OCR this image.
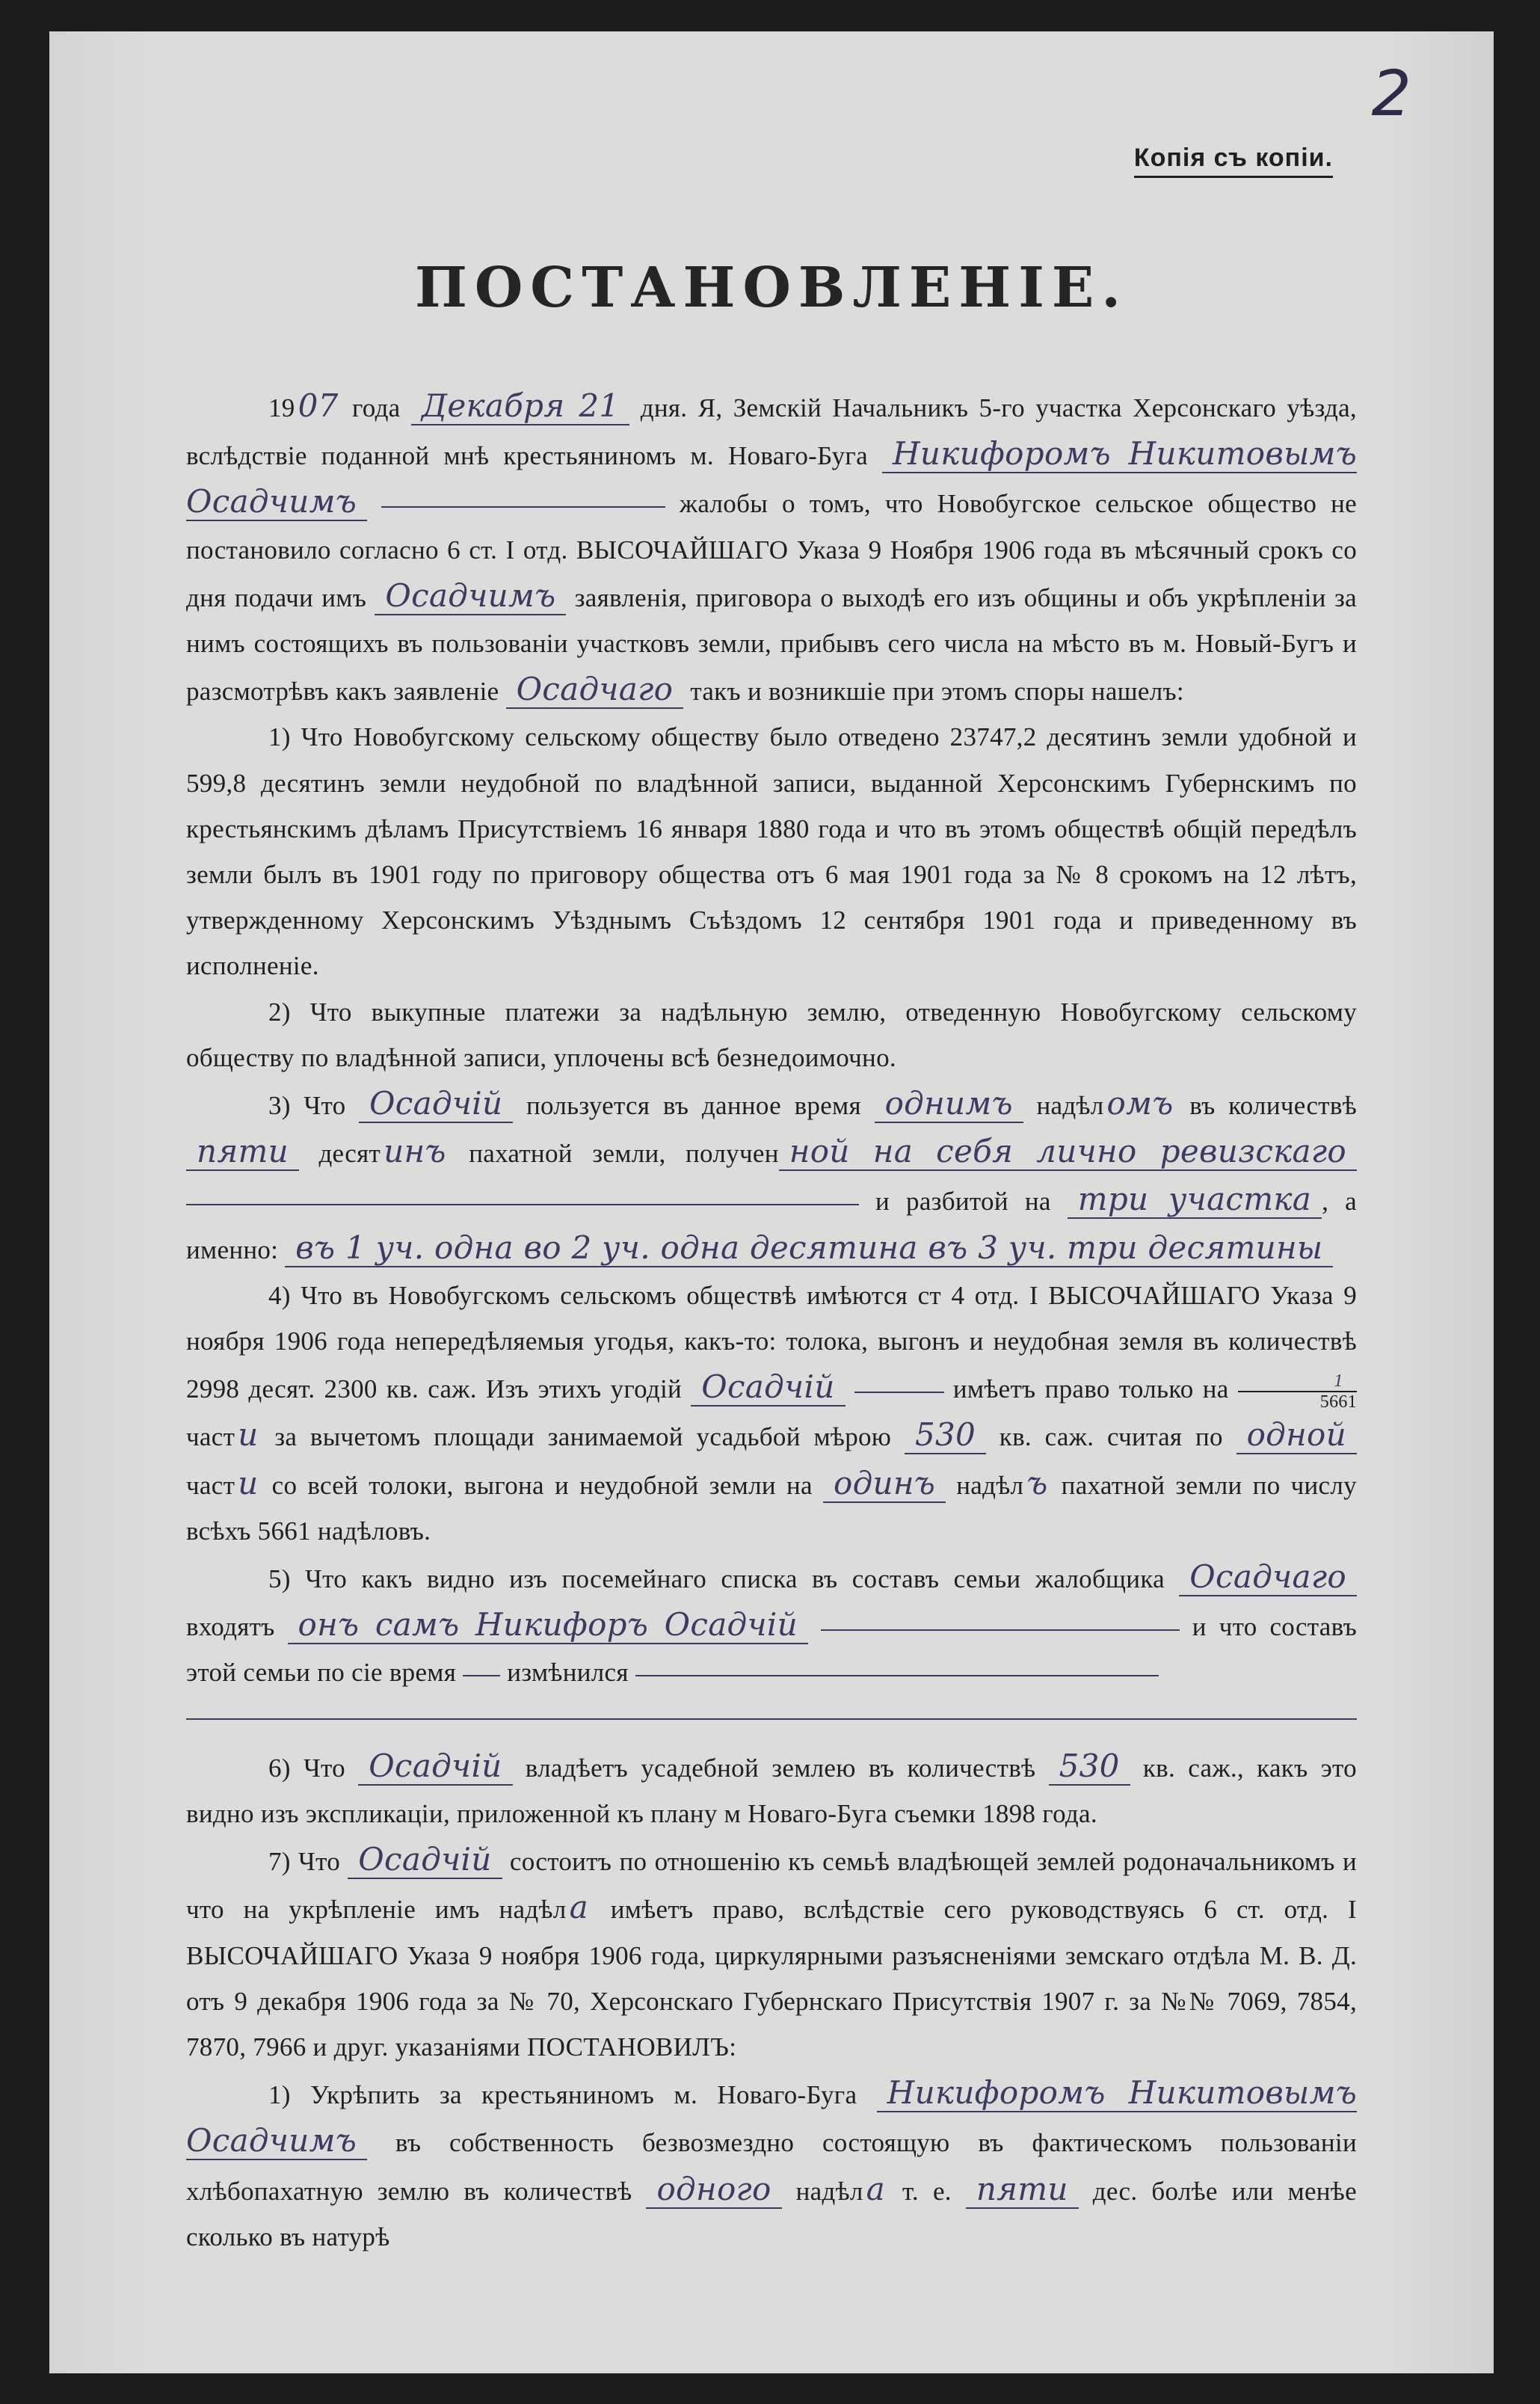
2
Копія съ копіи.
ПОСТАНОВЛЕНІЕ.

1907 года Декабря 21 дня. Я, Земскій Начальникъ 5-го участка Херсонскаго уѣзда, вслѣдствіе поданной мнѣ крестьяниномъ м. Новаго-Буга Никифоромъ Никитовымъ Осадчимъ	жалобы о томъ, что Новобугское сельское общество не постановило согласно 6 ст. I отд. ВЫСОЧАЙШАГО Указа 9 Ноября 1906 года въ мѣсячный срокъ со дня подачи имъ Осадчимъ заявленія, приговора о выходѣ его изъ общины и объ укрѣпленіи за нимъ состоящихъ въ пользованіи участковъ земли, прибывъ сего числа на мѣсто въ м. Новый-Бугъ и разсмотрѣвъ какъ заявленіе Осадчаго такъ и возникшіе при этомъ споры нашелъ:

1) Что Новобугскому сельскому обществу было отведено 23747,2 десятинъ земли удобной и 599,8 десятинъ земли неудобной по владѣнной записи, выданной Херсонскимъ Губернскимъ по крестьянскимъ дѣламъ Присутствіемъ 16 января 1880 года и что въ этомъ обществѣ общій передѣлъ земли былъ въ 1901 году по приговору общества отъ 6 мая 1901 года за № 8 срокомъ на 12 лѣтъ, утвержденному Херсонскимъ Уѣзднымъ Съѣздомъ 12 сентября 1901 года и приведенному въ исполненіе.

2) Что выкупные платежи за надѣльную землю, отведенную Новобугскому сельскому обществу по владѣнной записи, уплочены всѣ безнедоимочно.

3) Что Осадчій пользуется въ данное время однимъ надѣломъ въ количествѣ пяти десятинъ пахатной земли, получен ной на себя лично ревизскаго  и разбитой на три участка , а именно: въ 1 уч. одна во 2 уч. одна десятина въ 3 уч. три десятины

4) Что въ Новобугскомъ сельскомъ обществѣ имѣются ст 4 отд. I ВЫСОЧАЙШАГО Указа 9 ноября 1906 года непередѣляемыя угодья, какъ-то: толока, выгонъ и неудобная земля въ количествѣ 2998 десят. 2300 кв. саж. Изъ этихъ угодій Осадчій	имѣетъ право только на $\frac{1}{5661}$
части за вычетомъ площади занимаемой усадьбой мѣрою 530 кв. саж. считая по одной части со всей толоки, выгона и неудобной земли на одинъ надѣлъ пахатной земли по числу всѣхъ 5661 надѣловъ.

5) Что какъ видно изъ посемейнаго списка въ составъ семьи жалобщика Осадчаго входятъ онъ самъ Никифоръ Осадчій	и что составъ этой семьи по сіе время измѣнился

6) Что Осадчій владѣетъ усадебной землею въ количествѣ 530 кв. саж., какъ это видно изъ экспликаціи, приложенной къ плану м Новаго-Буга съемки 1898 года.

7) Что Осадчій состоитъ по отношенію къ семьѣ владѣющей землей родоначальникомъ и что на укрѣпленіе имъ надѣла имѣетъ право, вслѣдствіе сего руководствуясь 6 ст. отд. I ВЫСОЧАЙШАГО Указа 9 ноября 1906 года, циркулярными разъясненіями земскаго отдѣла М. В. Д. отъ 9 декабря 1906 года за № 70, Херсонскаго Губернскаго Присутствія 1907 г. за №№ 7069, 7854, 7870, 7966 и друг. указаніями ПОСТАНОВИЛЪ:

1) Укрѣпить за крестьяниномъ м. Новаго-Буга Никифоромъ Никитовымъ Осадчимъ въ собственность безвозмездно состоящую въ фактическомъ пользованіи хлѣбопахатную землю въ количествѣ одного надѣла т. е. пяти дес. болѣе или менѣе сколько въ натурѣ
